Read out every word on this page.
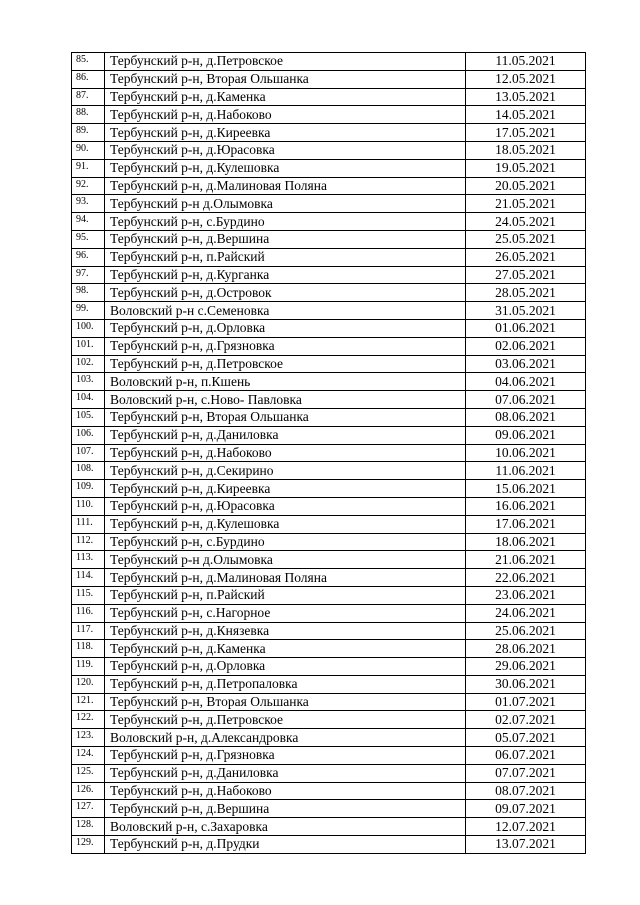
85.	Тербунский р-н, д.Петровское	11.05.2021
86.	Тербунский р-н, Вторая Ольшанка	12.05.2021
87.	Тербунский р-н, д.Каменка	13.05.2021
88.	Тербунский р-н, д.Набоково	14.05.2021
89.	Тербунский р-н, д.Киреевка	17.05.2021
90.	Тербунский р-н, д.Юрасовка	18.05.2021
91.	Тербунский р-н, д.Кулешовка	19.05.2021
92.	Тербунский р-н, д.Малиновая Поляна	20.05.2021
93.	Тербунский р-н д.Олымовка	21.05.2021
94.	Тербунский р-н, с.Бурдино	24.05.2021
95.	Тербунский р-н, д.Вершина	25.05.2021
96.	Тербунский р-н, п.Райский	26.05.2021
97.	Тербунский р-н, д.Курганка	27.05.2021
98.	Тербунский р-н, д.Островок	28.05.2021
99.	Воловский р-н с.Семеновка	31.05.2021
100.	Тербунский р-н, д.Орловка	01.06.2021
101.	Тербунский р-н, д.Грязновка	02.06.2021
102.	Тербунский р-н, д.Петровское	03.06.2021
103.	Воловский р-н, п.Кшень	04.06.2021
104.	Воловский р-н, с.Ново- Павловка	07.06.2021
105.	Тербунский р-н, Вторая Ольшанка	08.06.2021
106.	Тербунский р-н, д.Даниловка	09.06.2021
107.	Тербунский р-н, д.Набоково	10.06.2021
108.	Тербунский р-н, д.Секирино	11.06.2021
109.	Тербунский р-н, д.Киреевка	15.06.2021
110.	Тербунский р-н, д.Юрасовка	16.06.2021
111.	Тербунский р-н, д.Кулешовка	17.06.2021
112.	Тербунский р-н, с.Бурдино	18.06.2021
113.	Тербунский р-н д.Олымовка	21.06.2021
114.	Тербунский р-н, д.Малиновая Поляна	22.06.2021
115.	Тербунский р-н, п.Райский	23.06.2021
116.	Тербунский р-н, с.Нагорное	24.06.2021
117.	Тербунский р-н, д.Князевка	25.06.2021
118.	Тербунский р-н, д.Каменка	28.06.2021
119.	Тербунский р-н, д.Орловка	29.06.2021
120.	Тербунский р-н, д.Петропаловка	30.06.2021
121.	Тербунский р-н, Вторая Ольшанка	01.07.2021
122.	Тербунский р-н, д.Петровское	02.07.2021
123.	Воловский р-н, д.Александровка	05.07.2021
124.	Тербунский р-н, д.Грязновка	06.07.2021
125.	Тербунский р-н, д.Даниловка	07.07.2021
126.	Тербунский р-н, д.Набоково	08.07.2021
127.	Тербунский р-н, д.Вершина	09.07.2021
128.	Воловский р-н, с.Захаровка	12.07.2021
129.	Тербунский р-н, д.Прудки	13.07.2021
